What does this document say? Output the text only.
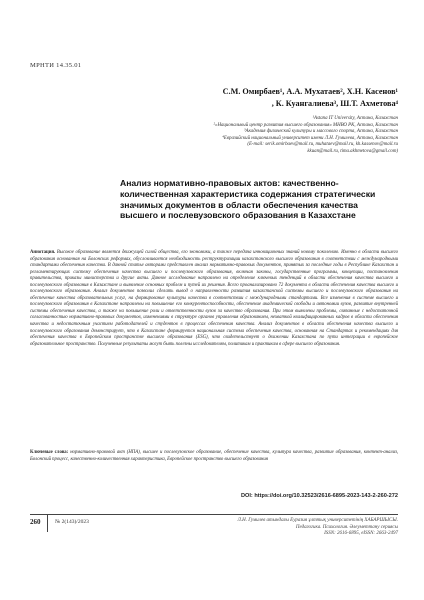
МРНТИ 14.35.01
С.М. Омирбаев¹, А.А. Мухатаев², Х.Н. Касенов¹
, К. Куангалиева³, Ш.Т. Ахметова⁴
¹Astana IT University, Астана, Казахстан
²«Национальный центр развития высшего образования» МНВО РК, Астана, Казахстан
³Академия физической культуры и массового спорта, Астана, Казахстан
⁴Евразийский национальный университет имени Л.Н. Гумилева, Астана, Казахстан
(E-mail: serik.omirbaev@mail.ru, muhataev@mail.ru, kh.kassenov@mail.ru
kkuan@mail.ru, tima.akhmetova@gmail.com)
Анализ нормативно-правовых актов: качественно-количественная характеристика содержания стратегически значимых документов в области обеспечения качества высшего и послевузовского образования в Казахстане
Аннотация. Высокое образование является движущей силой общества, его экономики, а также передача инновационных знаний новому поколению. Именно в области высшего образования основанная на Болонских реформах, обусловливается необходимость реструктуризации казахстанского высшего образования в соответствии с международными стандартами обеспечения качества. В данной статье авторами представлен анализ нормативно-правовых документов, принятых за последние годы в Республике Казахстан и регламентирующих систему обеспечения качества высшего и послевузовского образования, включая законы, государственные программы, концепции, постановления правительства, приказы министерства и другие акты. Данное исследование направлено на определение ключевых тенденций в области обеспечения качества высшего и послевузовского образования в Казахстане и выявление основных проблем и путей их решения. Всего проанализировано 72 документа в области обеспечения качества высшего и послевузовского образования. Анализ документов позволил сделать вывод о направленности развития казахстанской системы высшего и послевузовского образования на обеспечение качества образовательных услуг, на формирование культуры качества в соответствии с международными стандартами. Все изменения в системе высшего и послевузовского образования в Казахстане направлены на повышение его конкурентоспособности, обеспечение академической свободы и автономии вузов, развитие внутренней системы обеспечения качества, а также на повышение роли и ответственности вузов за качество образования. При этом выявлены проблемы, связанные с недостаточной согласованностью нормативно-правовых документов, изменениями в структуре органов управления образованием, нехваткой квалифицированных кадров в области обеспечения качества и недостаточным участием работодателей и студентов в процессах обеспечения качества. Анализ документов в области обеспечения качества высшего и послевузовского образования демонстрирует, что в Казахстане формируется национальная система обеспечения качества, основанная на Стандартах и рекомендациях для обеспечения качества в Европейском пространстве высшего образования (ESG), что свидетельствует о движении Казахстана по пути интеграции в европейское образовательное пространство. Полученные результаты могут быть полезны исследователям, политикам и практикам в сфере высшего образования.
Ключевые слова: нормативно-правовой акт (НПА), высшее и послевузовское образование, обеспечение качества, культура качества, развитие образования, контент-анализ, Болонский процесс, качественно-количественная характеристика, Европейское пространство высшего образования
DOI: https://doi.org/10.32523/2616-6895-2023-143-2-260-272
260	№ 2(143)/2023	Л.Н. Гумилев атындағы Еуразия ұлттық университетінің ХАБАРШЫСЫ.
Педагогика. Психология. Әлеуметтану сериясы
ISSN: 2616-6895, eISSN: 2663-2497
